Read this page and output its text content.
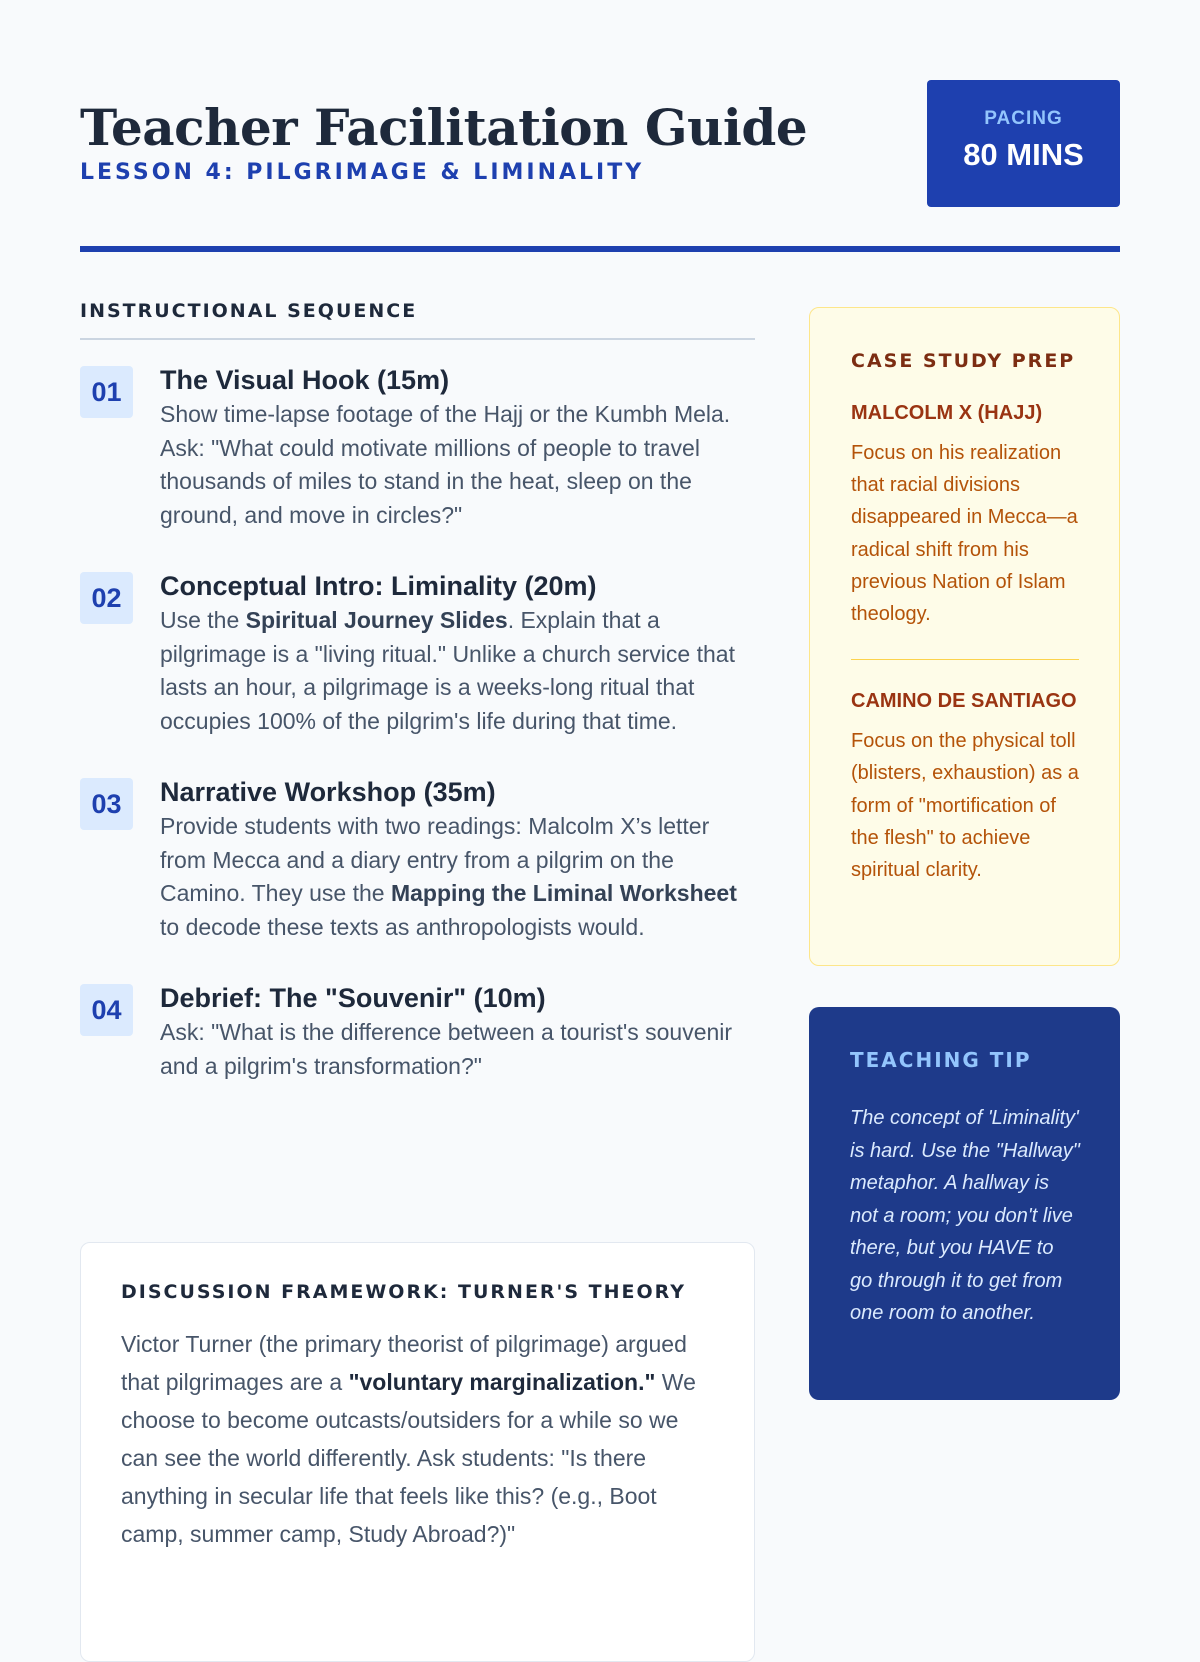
Teacher Facilitation Guide
LESSON 4: PILGRIMAGE & LIMINALITY
PACING
80 MINS
INSTRUCTIONAL SEQUENCE
01	The Visual Hook (15m)

Show time-lapse footage of the Hajj or the Kumbh Mela. Ask: "What could motivate millions of people to travel thousands of miles to stand in the heat, sleep on the ground, and move in circles?"

02	Conceptual Intro: Liminality (20m)

Use the Spiritual Journey Slides. Explain that a pilgrimage is a "living ritual." Unlike a church service that lasts an hour, a pilgrimage is a weeks-long ritual that occupies 100% of the pilgrim's life during that time.

03	Narrative Workshop (35m)

Provide students with two readings: Malcolm X’s letter from Mecca and a diary entry from a pilgrim on the Camino. They use the Mapping the Liminal Worksheet to decode these texts as anthropologists would.

04	Debrief: The "Souvenir" (10m)

Ask: "What is the difference between a tourist's souvenir and a pilgrim's transformation?"

DISCUSSION FRAMEWORK: TURNER'S THEORY

Victor Turner (the primary theorist of pilgrimage) argued that pilgrimages are a "voluntary marginalization." We choose to become outcasts/outsiders for a while so we can see the world differently. Ask students: "Is there anything in secular life that feels like this? (e.g., Boot camp, summer camp, Study Abroad?)"

CASE STUDY PREP
MALCOLM X (HAJJ)

Focus on his realization that racial divisions disappeared in Mecca—a radical shift from his previous Nation of Islam theology.

CAMINO DE SANTIAGO

Focus on the physical toll (blisters, exhaustion) as a form of "mortification of the flesh" to achieve spiritual clarity.

TEACHING TIP

The concept of 'Liminality' is hard. Use the "Hallway" metaphor. A hallway is not a room; you don't live there, but you HAVE to go through it to get from one room to another.
